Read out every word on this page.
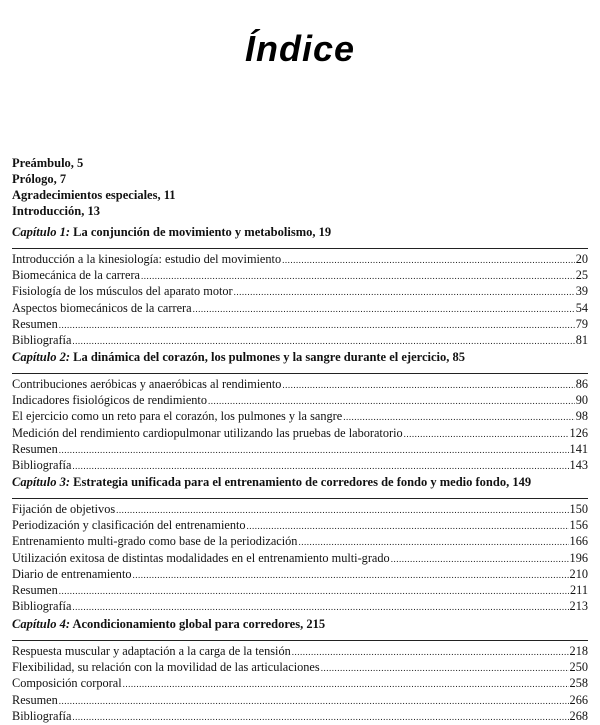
Índice
Preámbulo, 5
Prólogo, 7
Agradecimientos especiales, 11
Introducción, 13
Capítulo 1: La conjunción de movimiento y metabolismo, 19
Introducción a la kinesiología: estudio del movimiento .....	20
Biomecánica de la carrera .....	25
Fisiología de los músculos del aparato motor .....	39
Aspectos biomecánicos de la carrera .....	54
Resumen .....	79
Bibliografía .....	81
Capítulo 2: La dinámica del corazón, los pulmones y la sangre durante el ejercicio, 85
Contribuciones aeróbicas y anaeróbicas al rendimiento .....	86
Indicadores fisiológicos de rendimiento .....	90
El ejercicio como un reto para el corazón, los pulmones y la sangre .....	98
Medición del rendimiento cardiopulmonar utilizando las pruebas de laboratorio .....	126
Resumen .....	141
Bibliografía .....	143
Capítulo 3: Estrategia unificada para el entrenamiento de corredores de fondo y medio fondo, 149
Fijación de objetivos .....	150
Periodización y clasificación del entrenamiento .....	156
Entrenamiento multi-grado como base de la periodización .....	166
Utilización exitosa de distintas modalidades en el entrenamiento multi-grado .....	196
Diario de entrenamiento .....	210
Resumen .....	211
Bibliografía .....	213
Capítulo 4: Acondicionamiento global para corredores, 215
Respuesta muscular y adaptación a la carga de la tensión .....	218
Flexibilidad, su relación con la movilidad de las articulaciones .....	250
Composición corporal .....	258
Resumen .....	266
Bibliografía .....	268
